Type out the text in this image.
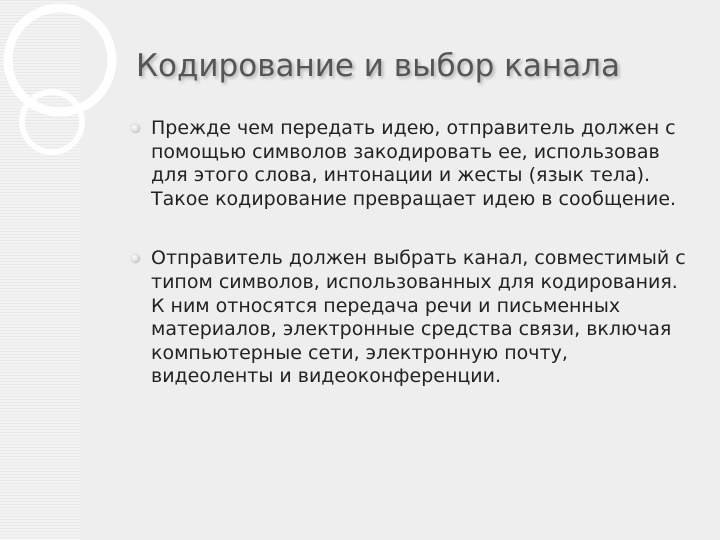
Кодирование и выбор канала
Прежде чем передать идею, отправитель должен с помощью символов закодировать ее, использовав для этого слова, интонации и жесты (язык тела). Такое кодирование превращает идею в сообщение.
Отправитель должен выбрать канал, совместимый с типом символов, использованных для кодирования. К ним относятся передача речи и письменных материалов, электронные средства связи, включая компьютерные сети, электронную почту, видеоленты и видеоконференции.
